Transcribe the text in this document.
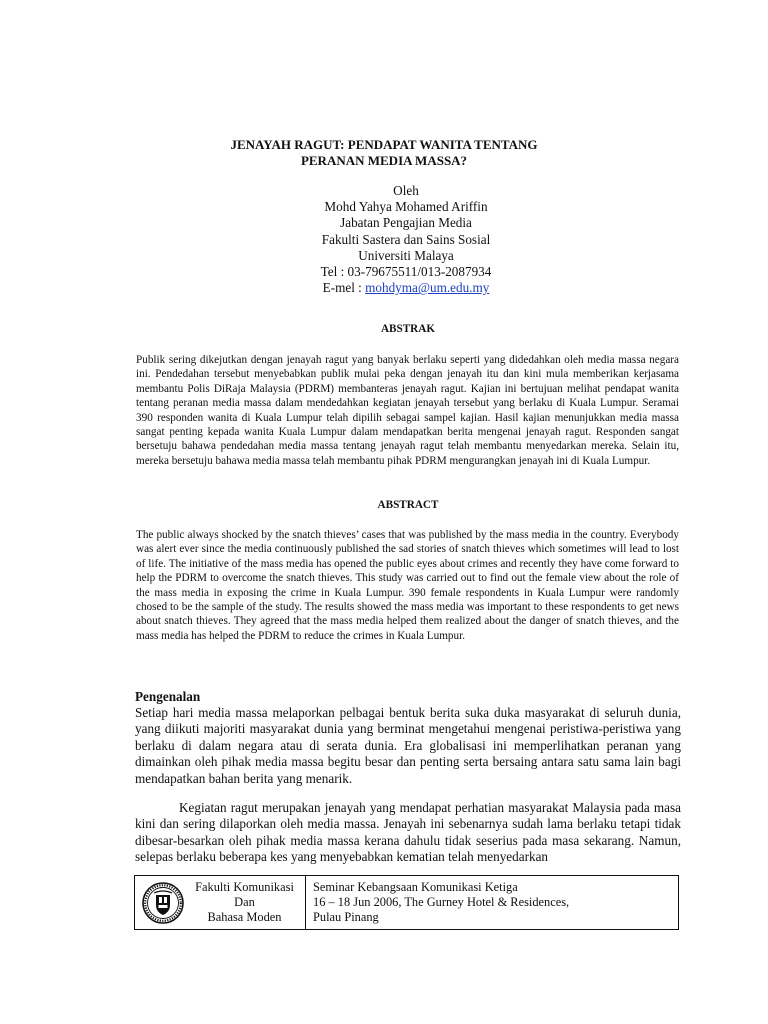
JENAYAH RAGUT: PENDAPAT WANITA TENTANG
PERANAN MEDIA MASSA?
Oleh
Mohd Yahya Mohamed Ariffin
Jabatan Pengajian Media
Fakulti Sastera dan Sains Sosial
Universiti Malaya
Tel : 03-79675511/013-2087934
E-mel : mohdyma@um.edu.my
ABSTRAK
Publik sering dikejutkan dengan jenayah ragut yang banyak berlaku seperti yang didedahkan oleh media massa negara ini. Pendedahan tersebut menyebabkan publik mulai peka dengan jenayah itu dan kini mula memberikan kerjasama membantu Polis DiRaja Malaysia (PDRM) membanteras jenayah ragut. Kajian ini bertujuan melihat pendapat wanita tentang peranan media massa dalam mendedahkan kegiatan jenayah tersebut yang berlaku di Kuala Lumpur. Seramai 390 responden wanita di Kuala Lumpur telah dipilih sebagai sampel kajian. Hasil kajian menunjukkan media massa sangat penting kepada wanita Kuala Lumpur dalam mendapatkan berita mengenai jenayah ragut. Responden sangat bersetuju bahawa pendedahan media massa tentang jenayah ragut telah membantu menyedarkan mereka. Selain itu, mereka bersetuju bahawa media massa telah membantu pihak PDRM mengurangkan jenayah ini di Kuala Lumpur.
ABSTRACT
The public always shocked by the snatch thieves’ cases that was published by the mass media in the country. Everybody was alert ever since the media continuously published the sad stories of snatch thieves which sometimes will lead to lost of life. The initiative of the mass media has opened the public eyes about crimes and recently they have come forward to help the PDRM to overcome the snatch thieves. This study was carried out to find out the female view about the role of the mass media in exposing the crime in Kuala Lumpur. 390 female respondents in Kuala Lumpur were randomly chosed to be the sample of the study. The results showed the mass media was important to these respondents to get news about snatch thieves. They agreed that the mass media helped them realized about the danger of snatch thieves, and the mass media has helped the PDRM to reduce the crimes in Kuala Lumpur.
Pengenalan
Setiap hari media massa melaporkan pelbagai bentuk berita suka duka masyarakat di seluruh dunia, yang diikuti majoriti masyarakat dunia yang berminat mengetahui mengenai peristiwa-peristiwa yang berlaku di dalam negara atau di serata dunia. Era globalisasi ini memperlihatkan peranan yang dimainkan oleh pihak media massa begitu besar dan penting serta bersaing antara satu sama lain bagi mendapatkan bahan berita yang menarik.
Kegiatan ragut merupakan jenayah yang mendapat perhatian masyarakat Malaysia pada masa kini dan sering dilaporkan oleh media massa. Jenayah ini sebenarnya sudah lama berlaku tetapi tidak dibesar-besarkan oleh pihak media massa kerana dahulu tidak seserius pada masa sekarang. Namun, selepas berlaku beberapa kes yang menyebabkan kematian telah menyedarkan
Fakulti Komunikasi
Dan
Bahasa Moden
Seminar Kebangsaan Komunikasi Ketiga
16 – 18 Jun 2006, The Gurney Hotel & Residences,
Pulau Pinang
